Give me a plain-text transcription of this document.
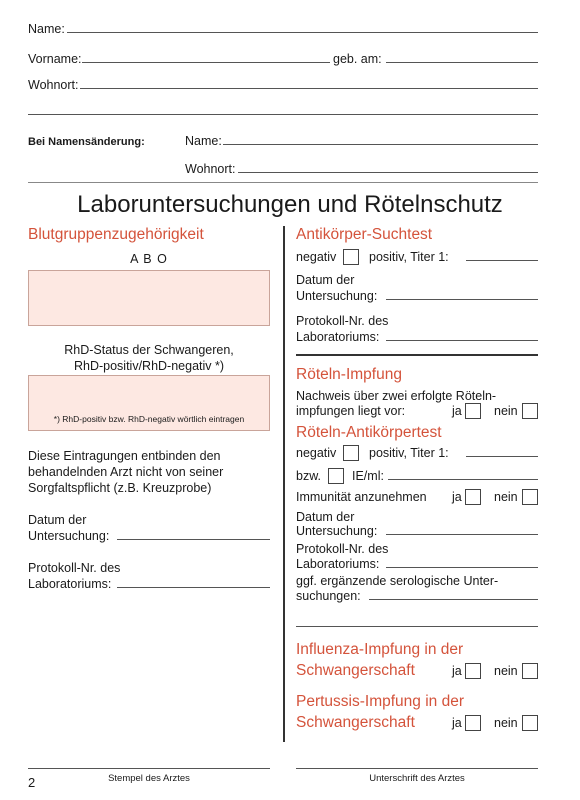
Name:
Vorname:	geb. am:
Wohnort:
Bei Namensänderung:	Name:
Wohnort:
Laboruntersuchungen und Rötelnschutz
Blutgruppenzugehörigkeit
A B O
RhD-Status der Schwangeren,
RhD-positiv/RhD-negativ *)
*) RhD-positiv bzw. RhD-negativ wörtlich eintragen
Diese Eintragungen entbinden den
behandelnden Arzt nicht von seiner
Sorgfaltspflicht (z.B. Kreuzprobe)
Datum der
Untersuchung:
Protokoll-Nr. des
Laboratoriums:
Antikörper-Suchtest
negativ	positiv, Titer 1:
Datum der
Untersuchung:
Protokoll-Nr. des
Laboratoriums:
Röteln-Impfung
Nachweis über zwei erfolgte Röteln-
impfungen liegt vor:	ja	nein
Röteln-Antikörpertest
negativ	positiv, Titer 1:
bzw. IE/ml:
Immunität anzunehmen ja	nein
Datum der
Untersuchung:
Protokoll-Nr. des
Laboratoriums:
ggf. ergänzende serologische Unter-
suchungen:
Influenza-Impfung in der
Schwangerschaft	ja	nein
Pertussis-Impfung in der
Schwangerschaft	ja	nein
2	Stempel des Arztes	Unterschrift des Arztes
